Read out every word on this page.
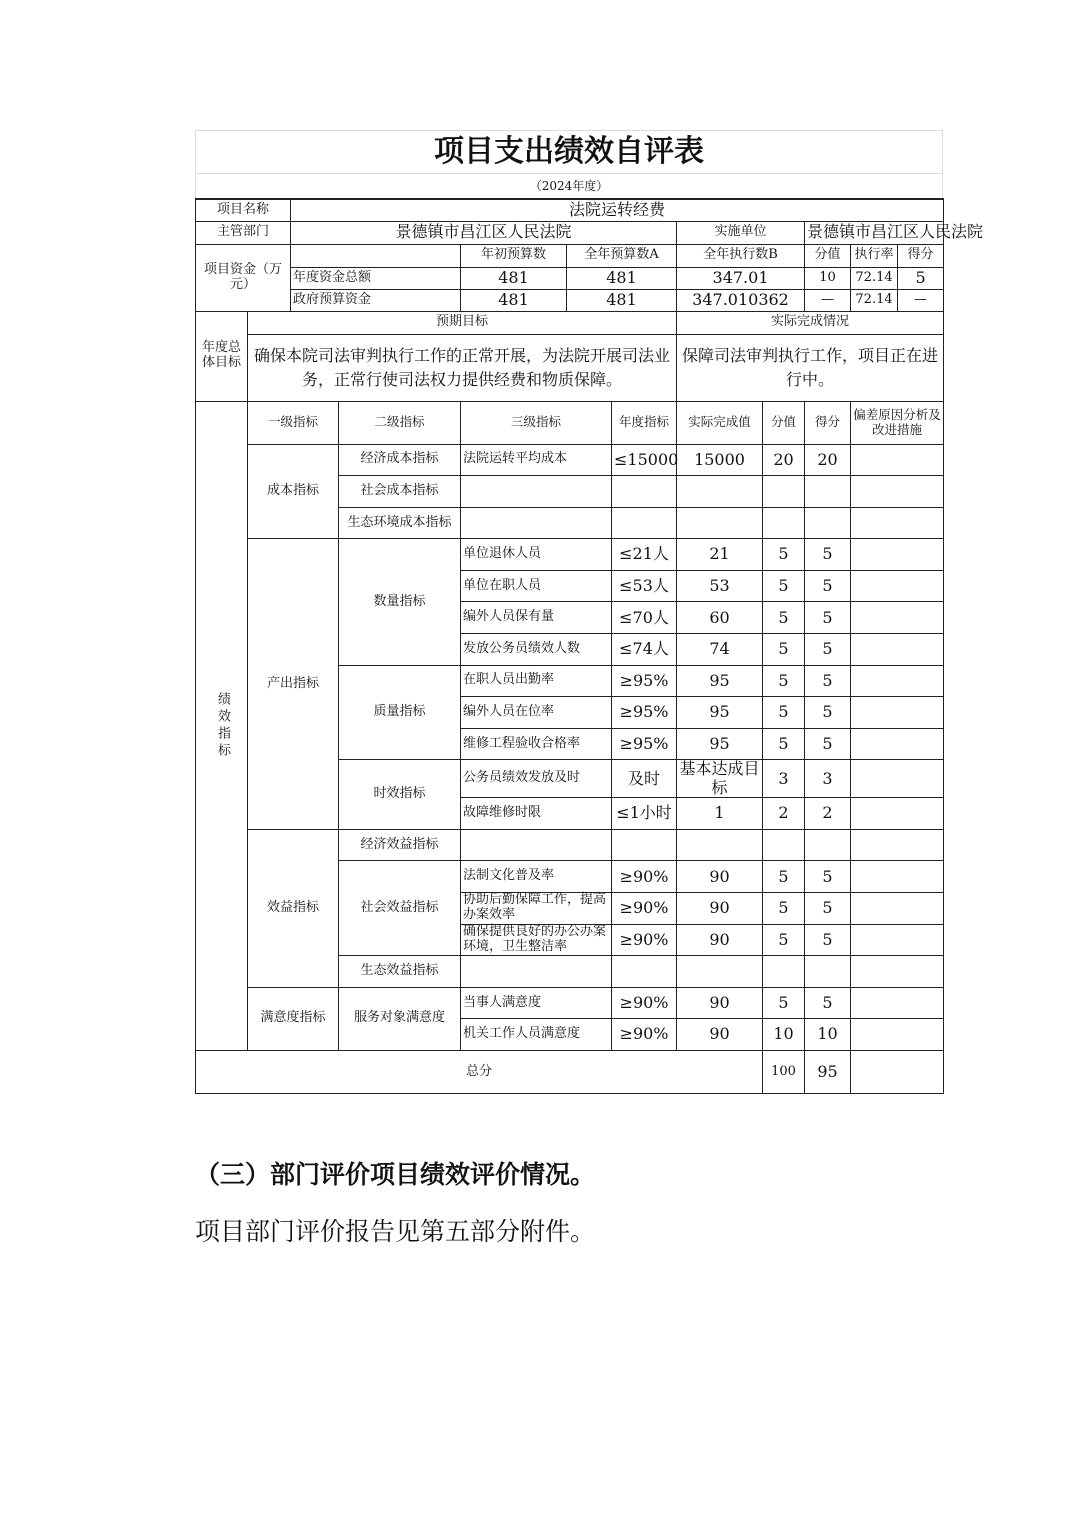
项目支出绩效自评表
（2024年度）
项目名称		法院运转经费									
主管部门		景德镇市昌江区人民法院					实施单位		景德镇市昌江区人民法院		
项目资金（万元）				年初预算数	全年预算数A		全年执行数B		分值	执行率	得分
		年度资金总额		481	481		347.01		10	72.14	5
		政府预算资金		481	481		347.010362		—	72.14	—
年度总体目标	预期目标						实际完成情况				
	确保本院司法审判执行工作的正常开展，为法院开展司法业务，正常行使司法权力提供经费和物质保障。						保障司法审判执行工作，项目正在进行中。				
绩效指标	一级指标		二级指标	三级指标		年度指标	实际完成值	分值	得分	偏差原因分析及改进措施	
	成本指标		经济成本指标	法院运转平均成本		≤15000	15000	20	20		
			社会成本指标								
			生态环境成本指标								
	产出指标		数量指标	单位退休人员		≤21人	21	5	5		
				单位在职人员		≤53人	53	5	5		
				编外人员保有量		≤70人	60	5	5		
				发放公务员绩效人数		≤74人	74	5	5		
			质量指标	在职人员出勤率		≥95%	95	5	5		
				编外人员在位率		≥95%	95	5	5		
				维修工程验收合格率		≥95%	95	5	5		
			时效指标	公务员绩效发放及时		及时	基本达成目标	3	3		
				故障维修时限		≤1小时	1	2	2		
	效益指标		经济效益指标								
			社会效益指标	法制文化普及率		≥90%	90	5	5		
				协助后勤保障工作，提高办案效率		≥90%	90	5	5		
				确保提供良好的办公办案环境，卫生整洁率		≥90%	90	5	5		
			生态效益指标								
	满意度指标		服务对象满意度	当事人满意度		≥90%	90	5	5		
				机关工作人员满意度		≥90%	90	10	10		
总分								100	95		
（三）部门评价项目绩效评价情况。
项目部门评价报告见第五部分附件。
